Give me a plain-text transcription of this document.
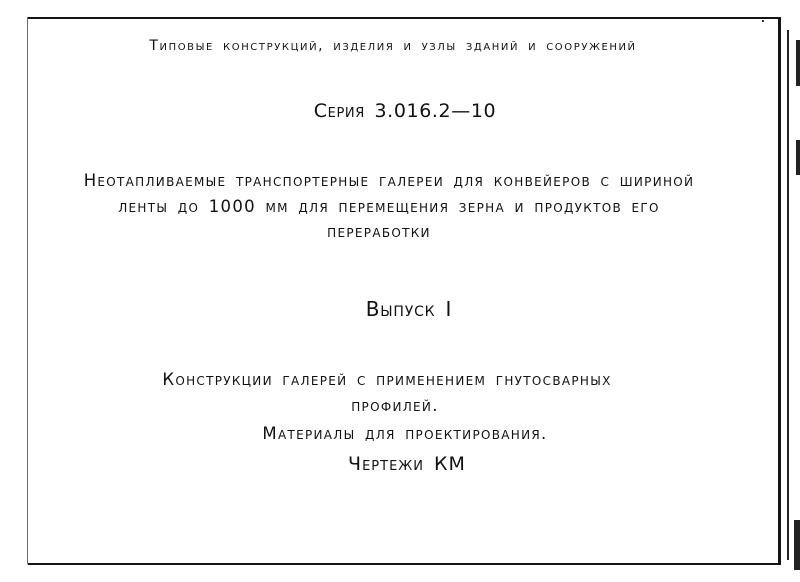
Типовые конструкций, изделия и узлы зданий и сооружений
Серия 3.016.2—10
Неотапливаемые транспортерные галереи для конвейеров с шириной
ленты до 1000 мм для перемещения зерна и продуктов его
переработки
Выпуск I
Конструкции галерей с применением гнутосварных
профилей.
Материалы для проектирования.
Чертежи КМ
